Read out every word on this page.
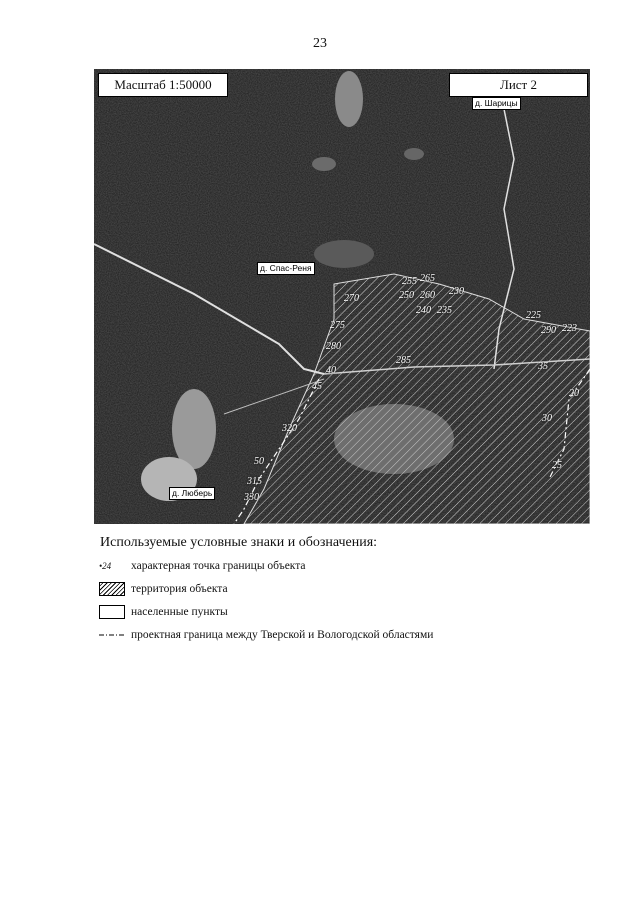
23
Масштаб 1:50000	Лист 2
д. Шарицы
д. Спас-Реня
д. Люберь
265
255
270	250 260 230
240 235
275
280
225
290 223
285
40
45
35
20
30
25
320
50
315
330
Используемые условные знаки и обозначения:
•24	характерная точка границы объекта
территория объекта
населенные пункты
проектная граница между Тверской и Вологодской областями
